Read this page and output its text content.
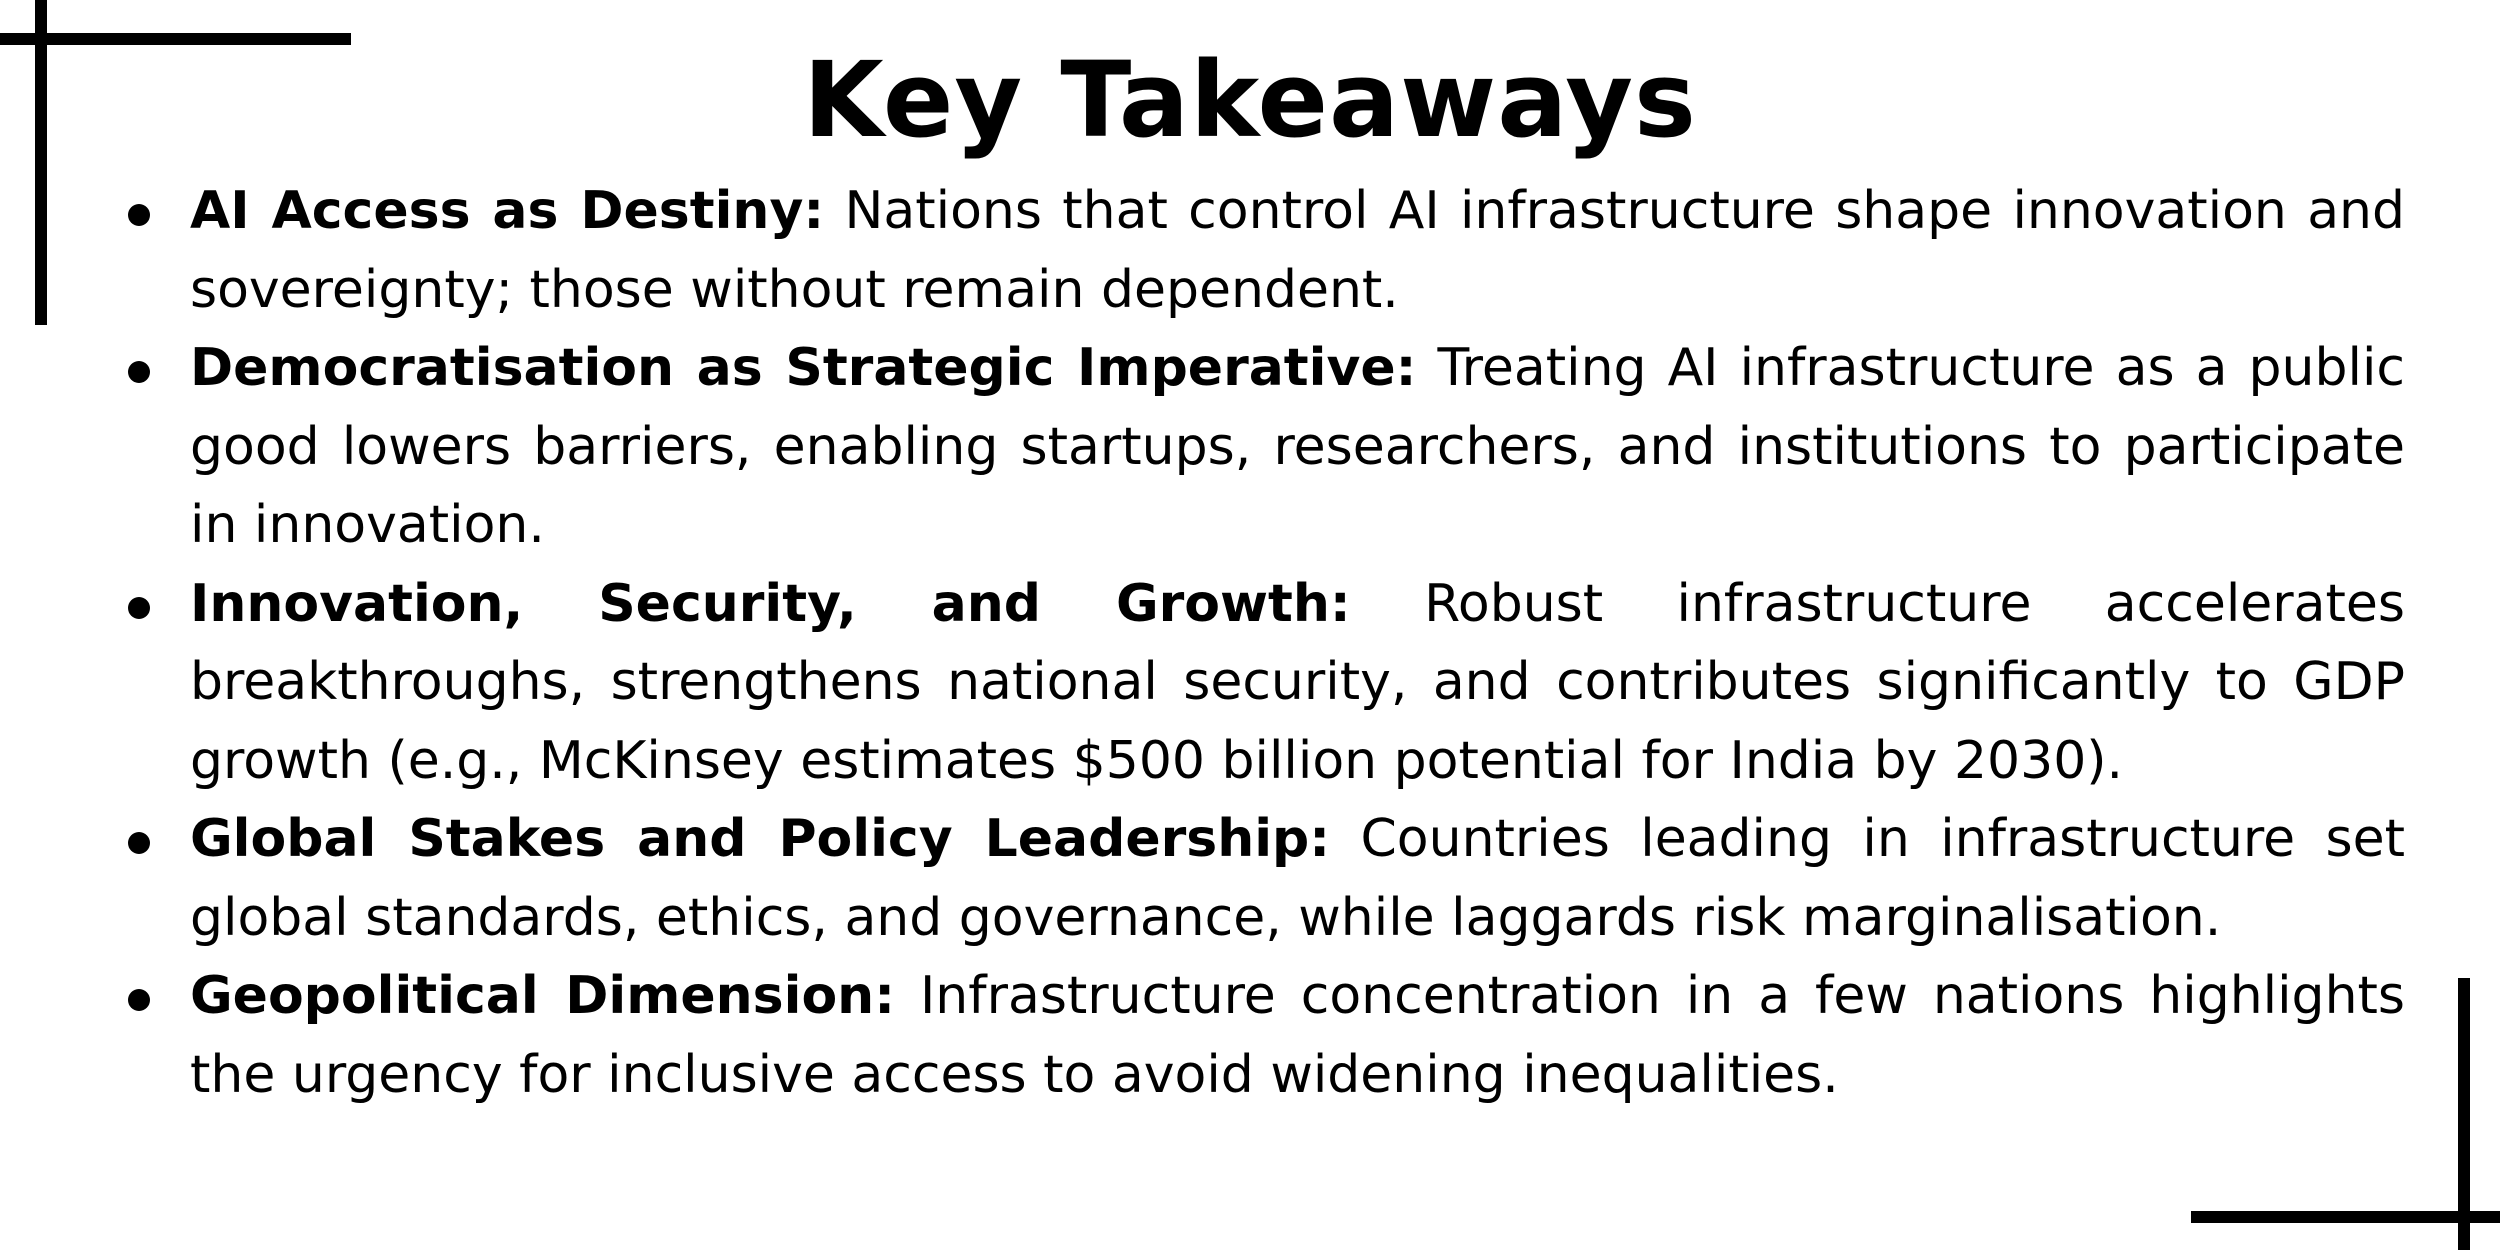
Key Takeaways
AI Access as Destiny: Nations that control AI infrastructure shape innovation and sovereignty; those without remain dependent.
Democratisation as Strategic Imperative: Treating AI infrastructure as a public good lowers barriers, enabling startups, researchers, and institutions to participate in innovation.
Innovation, Security, and Growth: Robust infrastructure accelerates breakthroughs, strengthens national security, and contributes significantly to GDP growth (e.g., McKinsey estimates $500 billion potential for India by 2030).
Global Stakes and Policy Leadership: Countries leading in infrastructure set global standards, ethics, and governance, while laggards risk marginalisation.
Geopolitical Dimension: Infrastructure concentration in a few nations highlights the urgency for inclusive access to avoid widening inequalities.
